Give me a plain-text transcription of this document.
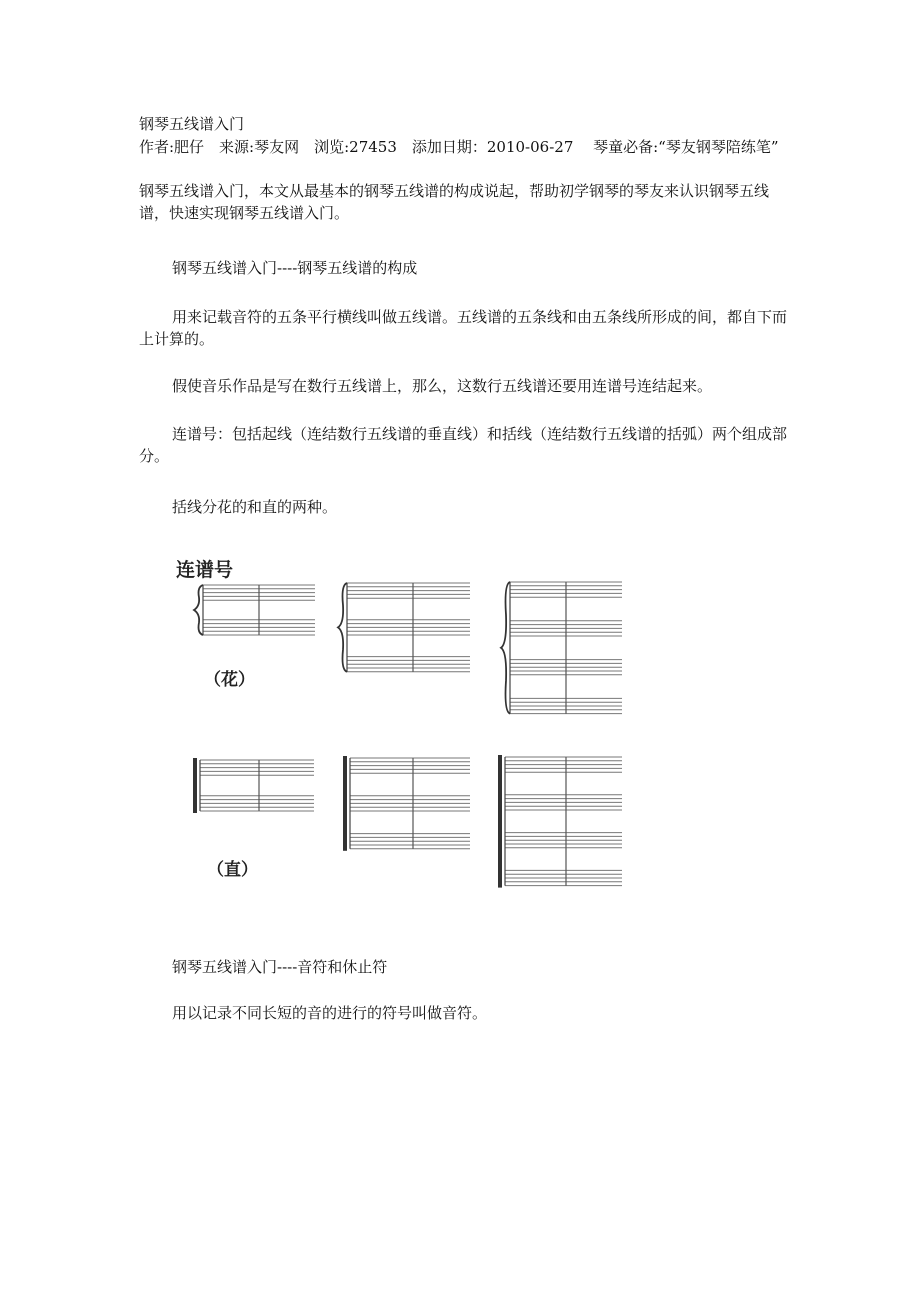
钢琴五线谱入门
作者:肥仔　来源:琴友网　浏览:27453　添加日期：2010-06-27　 琴童必备:“琴友钢琴陪练笔”
钢琴五线谱入门，本文从最基本的钢琴五线谱的构成说起，帮助初学钢琴的琴友来认识钢琴五线谱，快速实现钢琴五线谱入门。
钢琴五线谱入门----钢琴五线谱的构成
用来记载音符的五条平行横线叫做五线谱。五线谱的五条线和由五条线所形成的间，都自下而上计算的。
假使音乐作品是写在数行五线谱上，那么，这数行五线谱还要用连谱号连结起来。
连谱号：包括起线（连结数行五线谱的垂直线）和括线（连结数行五线谱的括弧）两个组成部分。
括线分花的和直的两种。
连谱号
（花）
（直）
钢琴五线谱入门----音符和休止符
用以记录不同长短的音的进行的符号叫做音符。
